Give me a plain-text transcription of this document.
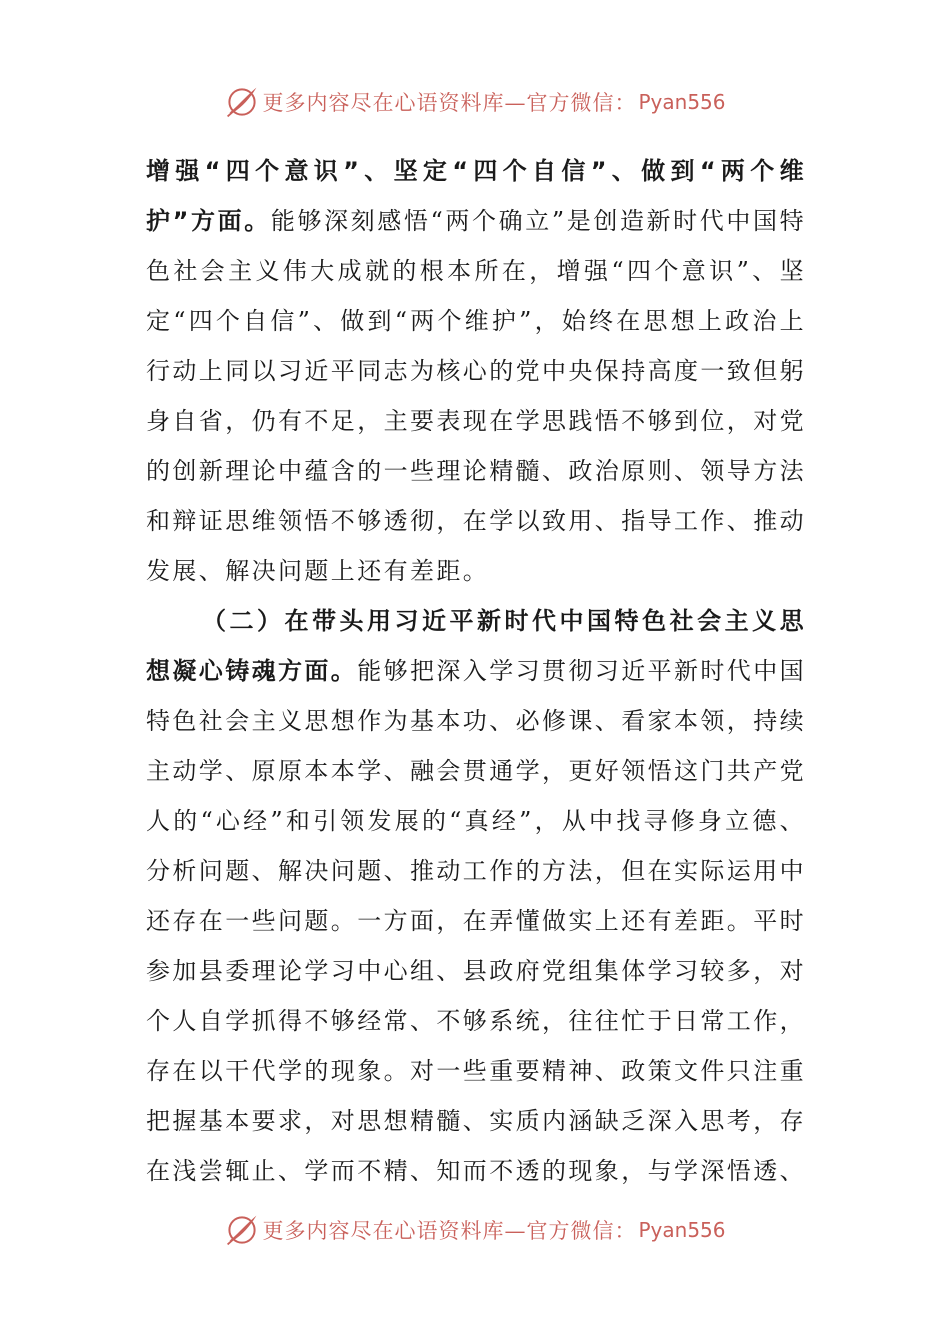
更多内容尽在心语资料库—官方微信： Pyan556

增强“四个意识”、坚定“四个自信”、做到“两个维护”方面。能够深刻感悟“两个确立”是创造新时代中国特色社会主义伟大成就的根本所在，增强“四个意识”、坚定“四个自信”、做到“两个维护”，始终在思想上政治上行动上同以习近平同志为核心的党中央保持高度一致但躬身自省，仍有不足，主要表现在学思践悟不够到位，对党的创新理论中蕴含的一些理论精髓、政治原则、领导方法和辩证思维领悟不够透彻，在学以致用、指导工作、推动发展、解决问题上还有差距。

（二）在带头用习近平新时代中国特色社会主义思想凝心铸魂方面。能够把深入学习贯彻习近平新时代中国特色社会主义思想作为基本功、必修课、看家本领，持续主动学、原原本本学、融会贯通学，更好领悟这门共产党人的“心经”和引领发展的“真经”，从中找寻修身立德、分析问题、解决问题、推动工作的方法，但在实际运用中还存在一些问题。一方面，在弄懂做实上还有差距。平时参加县委理论学习中心组、县政府党组集体学习较多，对个人自学抓得不够经常、不够系统，往往忙于日常工作，存在以干代学的现象。对一些重要精神、政策文件只注重把握基本要求，对思想精髓、实质内涵缺乏深入思考，存在浅尝辄止、学而不精、知而不透的现象，与学深悟透、

更多内容尽在心语资料库—官方微信： Pyan556
